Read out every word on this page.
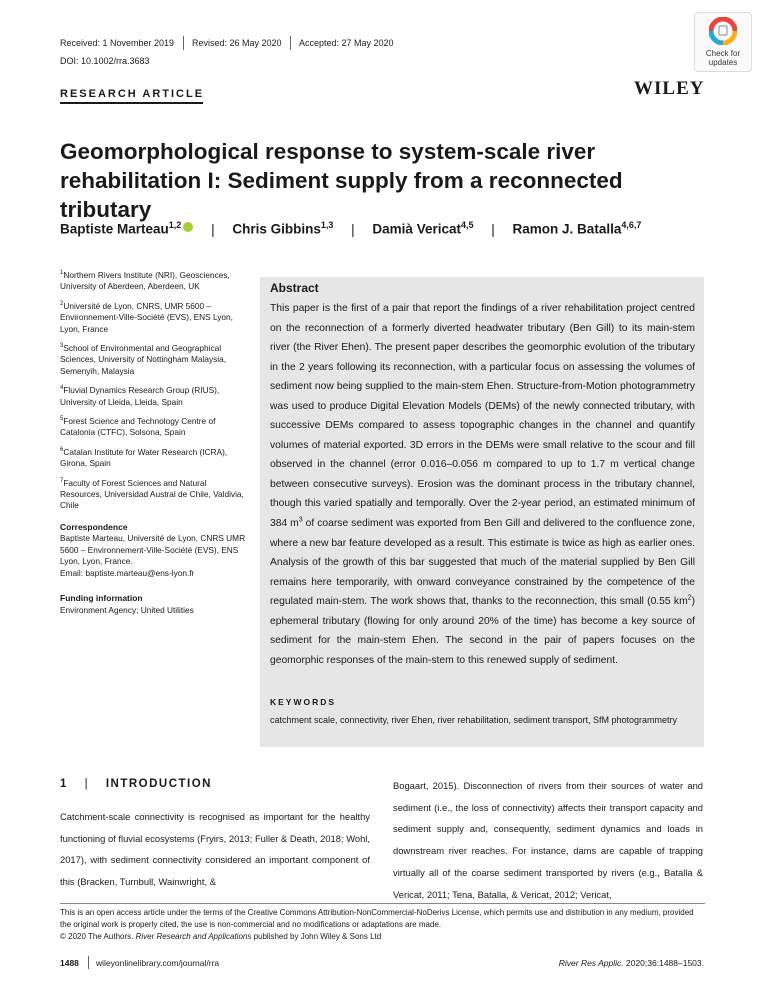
Received: 1 November 2019 Revised: 26 May 2020 Accepted: 27 May 2020
DOI: 10.1002/rra.3683
RESEARCH ARTICLE	WILEY
Check for updates
Geomorphological response to system-scale river rehabilitation I: Sediment supply from a reconnected tributary
Baptiste Marteau$^{1,2}$ | Chris Gibbins$^{1,3}$ | Damià Vericat$^{4,5}$ | Ramon J. Batalla$^{4,6,7}$
$^1$Northern Rivers Institute (NRI), Geosciences, University of Aberdeen, Aberdeen, UK
$^2$Université de Lyon, CNRS, UMR 5600 – Environnement-Ville-Société (EVS), ENS Lyon, Lyon, France
$^3$School of Environmental and Geographical Sciences, University of Nottingham Malaysia, Semenyih, Malaysia
$^4$Fluvial Dynamics Research Group (RIUS), University of Lleida, Lleida, Spain
$^5$Forest Science and Technology Centre of Catalonia (CTFC), Solsona, Spain
$^6$Catalan Institute for Water Research (ICRA), Girona, Spain
$^7$Faculty of Forest Sciences and Natural Resources, Universidad Austral de Chile, Valdivia, Chile
Correspondence
Baptiste Marteau, Université de Lyon, CNRS UMR 5600 – Environnement-Ville-Société (EVS), ENS Lyon, Lyon, France.
Email: baptiste.marteau@ens-lyon.fr
Funding information
Environment Agency; United Utilities
Abstract
This paper is the first of a pair that report the findings of a river rehabilitation project centred on the reconnection of a formerly diverted headwater tributary (Ben Gill) to its main-stem river (the River Ehen). The present paper describes the geomorphic evolution of the tributary in the 2 years following its reconnection, with a particular focus on assessing the volumes of sediment now being supplied to the main-stem Ehen. Structure-from-Motion photogrammetry was used to produce Digital Elevation Models (DEMs) of the newly connected tributary, with successive DEMs compared to assess topographic changes in the channel and quantify volumes of material exported. 3D errors in the DEMs were small relative to the scour and fill observed in the channel (error 0.016–0.056 m compared to up to 1.7 m vertical change between consecutive surveys). Erosion was the dominant process in the tributary channel, though this varied spatially and temporally. Over the 2-year period, an estimated minimum of 384 $m^3$ of coarse sediment was exported from Ben Gill and delivered to the confluence zone, where a new bar feature developed as a result. This estimate is twice as high as earlier ones. Analysis of the growth of this bar suggested that much of the material supplied by Ben Gill remains here temporarily, with onward conveyance constrained by the competence of the regulated main-stem. The work shows that, thanks to the reconnection, this small (0.55 $km^2$) ephemeral tributary (flowing for only around 20% of the time) has become a key source of sediment for the main-stem Ehen. The second in the pair of papers focuses on the geomorphic responses of the main-stem to this renewed supply of sediment.
KEYWORDS
catchment scale, connectivity, river Ehen, river rehabilitation, sediment transport, SfM photogrammetry
1 | INTRODUCTION
Catchment-scale connectivity is recognised as important for the healthy functioning of fluvial ecosystems (Fryirs, 2013; Fuller & Death, 2018; Wohl, 2017), with sediment connectivity considered an important component of this (Bracken, Turnbull, Wainwright, &
Bogaart, 2015). Disconnection of rivers from their sources of water and sediment (i.e., the loss of connectivity) affects their transport capacity and sediment supply and, consequently, sediment dynamics and loads in downstream river reaches. For instance, dams are capable of trapping virtually all of the coarse sediment transported by rivers (e.g., Batalla & Vericat, 2011; Tena, Batalla, & Vericat, 2012; Vericat,
This is an open access article under the terms of the Creative Commons Attribution-NonCommercial-NoDerivs License, which permits use and distribution in any medium, provided the original work is properly cited, the use is non-commercial and no modifications or adaptations are made.
© 2020 The Authors. River Research and Applications published by John Wiley & Sons Ltd
1488 wileyonlinelibrary.com/journal/rra	River Res Applic. 2020;36:1488–1503.
